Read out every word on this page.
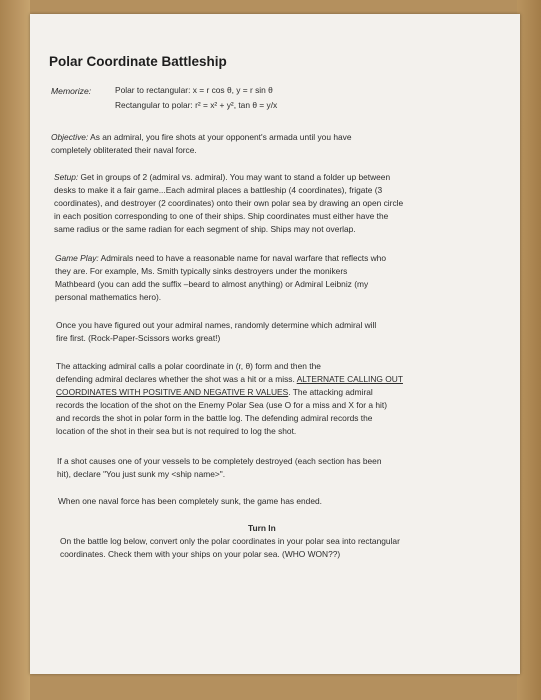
Polar Coordinate Battleship
Memorize:	Polar to rectangular: x = r cos θ, y = r sin θ
Rectangular to polar: r² = x² + y², tan θ = y/x
Objective: As an admiral, you fire shots at your opponent's armada until you have
completely obliterated their naval force.
Setup: Get in groups of 2 (admiral vs. admiral). You may want to stand a folder up between
desks to make it a fair game...Each admiral places a battleship (4 coordinates), frigate (3
coordinates), and destroyer (2 coordinates) onto their own polar sea by drawing an open circle
in each position corresponding to one of their ships. Ship coordinates must either have the
same radius or the same radian for each segment of ship. Ships may not overlap.
Game Play: Admirals need to have a reasonable name for naval warfare that reflects who
they are. For example, Ms. Smith typically sinks destroyers under the monikers
Mathbeard (you can add the suffix –beard to almost anything) or Admiral Leibniz (my
personal mathematics hero).
Once you have figured out your admiral names, randomly determine which admiral will
fire first. (Rock-Paper-Scissors works great!)
The attacking admiral calls a polar coordinate in (r, θ) form and then the
defending admiral declares whether the shot was a hit or a miss. ALTERNATE CALLING OUT
COORDINATES WITH POSITIVE AND NEGATIVE R VALUES. The attacking admiral
records the location of the shot on the Enemy Polar Sea (use O for a miss and X for a hit)
and records the shot in polar form in the battle log. The defending admiral records the
location of the shot in their sea but is not required to log the shot.
If a shot causes one of your vessels to be completely destroyed (each section has been
hit), declare "You just sunk my <ship name>".
When one naval force has been completely sunk, the game has ended.
Turn In
On the battle log below, convert only the polar coordinates in your polar sea into rectangular
coordinates. Check them with your ships on your polar sea. (WHO WON??)
